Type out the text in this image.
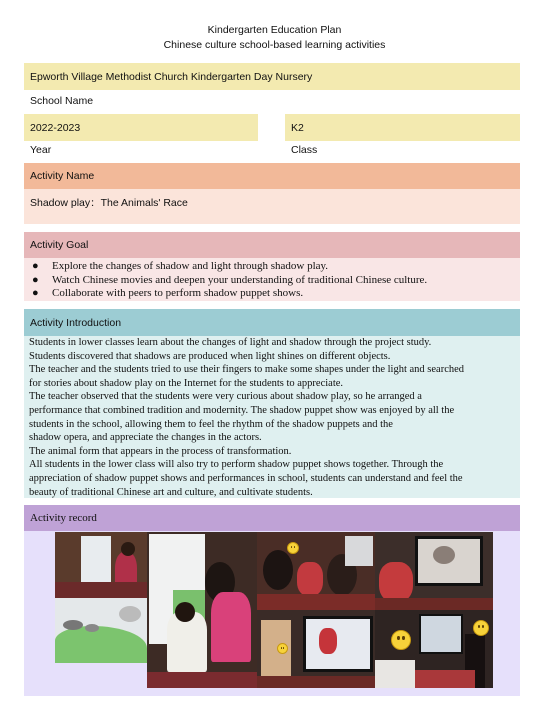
Kindergarten Education Plan
Chinese culture school-based learning activities
Epworth Village Methodist Church Kindergarten Day Nursery
School Name
2022-2023	K2
Year	Class
Activity Name
Shadow play：The Animals' Race
Activity Goal
● Explore the changes of shadow and light through shadow play.
● Watch Chinese movies and deepen your understanding of traditional Chinese culture.
● Collaborate with peers to perform shadow puppet shows.
Activity Introduction

Students in lower classes learn about the changes of light and shadow through the project study.

Students discovered that shadows are produced when light shines on different objects.

The teacher and the students tried to use their fingers to make some shapes under the light and searched

for stories about shadow play on the Internet for the students to appreciate.

The teacher observed that the students were very curious about shadow play, so he arranged a

performance that combined tradition and modernity. The shadow puppet show was enjoyed by all the

students in the school, allowing them to feel the rhythm of the shadow puppets and the

shadow opera, and appreciate the changes in the actors.

The animal form that appears in the process of transformation.

All students in the lower class will also try to perform shadow puppet shows together. Through the

appreciation of shadow puppet shows and performances in school, students can understand and feel the

beauty of traditional Chinese art and culture, and cultivate students.

Activity record
